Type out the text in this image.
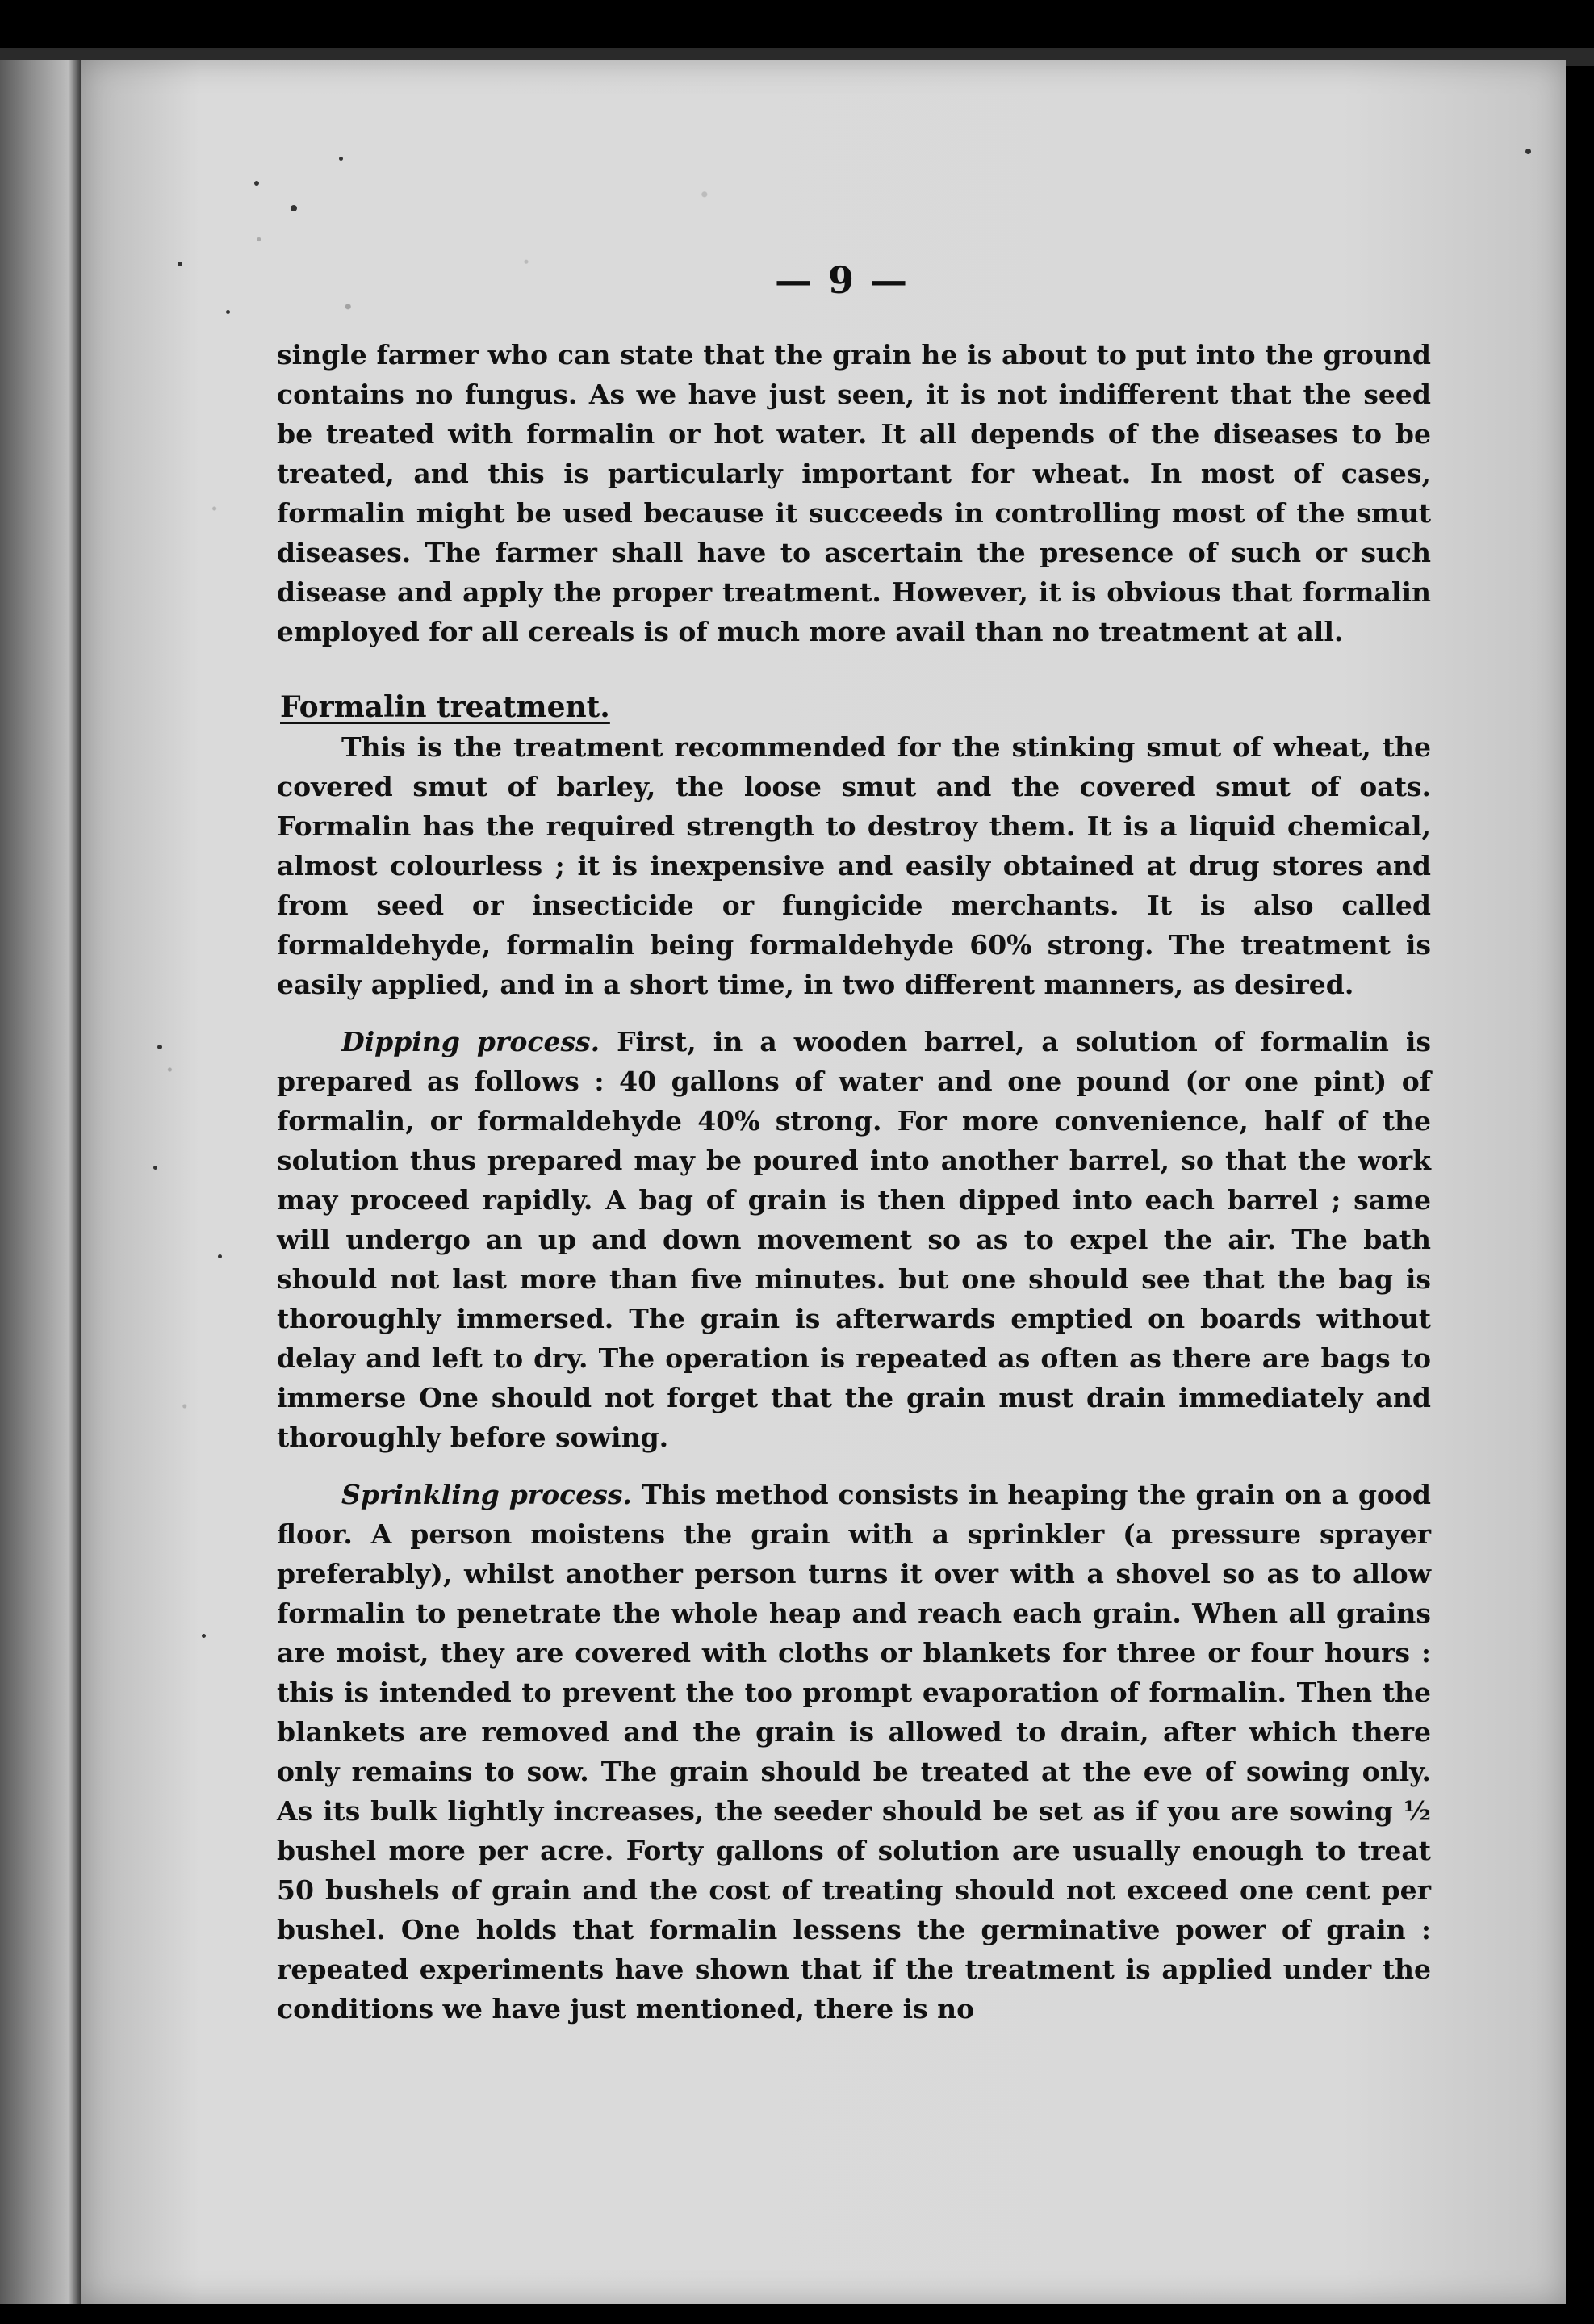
— 9 —

single farmer who can state that the grain he is about to put into the ground contains no fungus. As we have just seen, it is not indifferent that the seed be treated with formalin or hot water. It all depends of the diseases to be treated, and this is particularly important for wheat. In most of cases, formalin might be used because it succeeds in controlling most of the smut diseases. The farmer shall have to ascertain the presence of such or such disease and apply the proper treatment. However, it is obvious that formalin employed for all cereals is of much more avail than no treatment at all.

Formalin treatment.

This is the treatment recommended for the stinking smut of wheat, the covered smut of barley, the loose smut and the covered smut of oats. Formalin has the required strength to destroy them. It is a liquid chemical, almost colourless ; it is inexpensive and easily obtained at drug stores and from seed or insecticide or fungicide merchants. It is also called formaldehyde, formalin being formaldehyde 60% strong. The treatment is easily applied, and in a short time, in two different manners, as desired.

Dipping process. First, in a wooden barrel, a solution of formalin is prepared as follows : 40 gallons of water and one pound (or one pint) of formalin, or formaldehyde 40% strong. For more convenience, half of the solution thus prepared may be poured into another barrel, so that the work may proceed rapidly. A bag of grain is then dipped into each barrel ; same will undergo an up and down movement so as to expel the air. The bath should not last more than five minutes. but one should see that the bag is thoroughly immersed. The grain is afterwards emptied on boards without delay and left to dry. The operation is repeated as often as there are bags to immerse One should not forget that the grain must drain immediately and thoroughly before sowing.

Sprinkling process. This method consists in heaping the grain on a good floor. A person moistens the grain with a sprinkler (a pressure sprayer preferably), whilst another person turns it over with a shovel so as to allow formalin to penetrate the whole heap and reach each grain. When all grains are moist, they are covered with cloths or blankets for three or four hours : this is intended to prevent the too prompt evaporation of formalin. Then the blankets are removed and the grain is allowed to drain, after which there only remains to sow. The grain should be treated at the eve of sowing only. As its bulk lightly increases, the seeder should be set as if you are sowing ½ bushel more per acre. Forty gallons of solution are usually enough to treat 50 bushels of grain and the cost of treating should not exceed one cent per bushel. One holds that formalin lessens the germinative power of grain : repeated experiments have shown that if the treatment is applied under the conditions we have just mentioned, there is no
